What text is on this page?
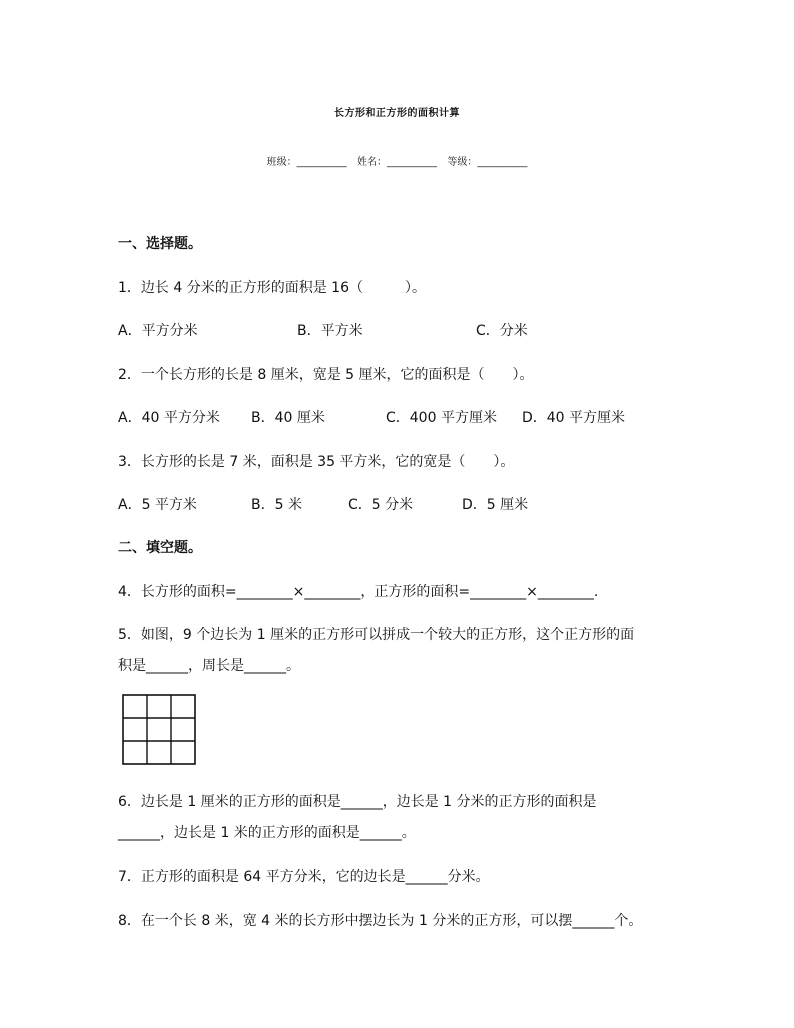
长方形和正方形的面积计算
班级：__________ 姓名：__________ 等级：__________
一、选择题。
1．边长 4 分米的正方形的面积是 16（　　　）。
A．平方分米	B．平方米	C．分米
2．一个长方形的长是 8 厘米，宽是 5 厘米，它的面积是（　　）。
A．40 平方分米 B．40 厘米	C．400 平方厘米 D．40 平方厘米
3．长方形的长是 7 米，面积是 35 平方米，它的宽是（　　）。
A．5 平方米	B．5 米	C．5 分米	D．5 厘米
二、填空题。
4．长方形的面积=________×________，正方形的面积=________×________.
5．如图，9 个边长为 1 厘米的正方形可以拼成一个较大的正方形，这个正方形的面
积是______，周长是______。
6．边长是 1 厘米的正方形的面积是______，边长是 1 分米的正方形的面积是
______，边长是 1 米的正方形的面积是______。
7．正方形的面积是 64 平方分米，它的边长是______分米。
8．在一个长 8 米，宽 4 米的长方形中摆边长为 1 分米的正方形，可以摆______个。
